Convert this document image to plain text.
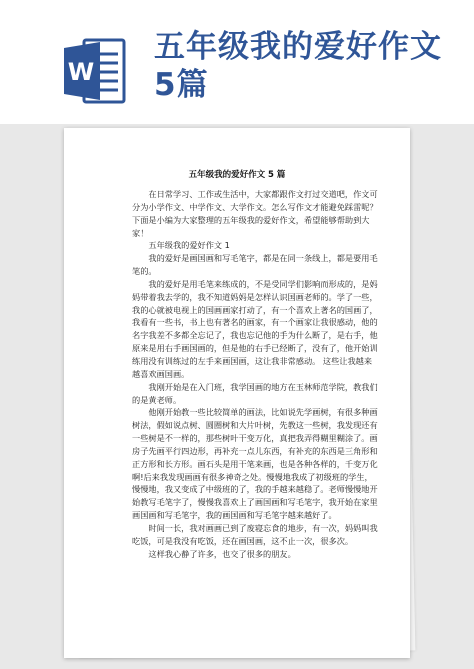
W
五年级我的爱好作文5篇
五年级我的爱好作文 5 篇

在日常学习、工作或生活中，大家都跟作文打过交道吧，作文可分为小学作文、中学作文、大学作文。怎么写作文才能避免踩雷呢？下面是小编为大家整理的五年级我的爱好作文，希望能够帮助到大家！

五年级我的爱好作文 1

我的爱好是画国画和写毛笔字，都是在同一条线上，都是要用毛笔的。

我的爱好是用毛笔来练成的，不是受同学们影响而形成的，是妈妈带着我去学的，我不知道妈妈是怎样认识国画老师的。学了一些，我的心就被电视上的国画画家打动了，有一个喜欢上著名的国画了，我看有一些书，书上也有著名的画家，有一个画家让我很感动，他的名字我差不多都全忘记了，我也忘记他的手为什么断了，是右手，他原来是用右手画国画的，但是他的右手已经断了，没有了，他开始训练用没有训练过的左手来画国画，这让我非常感动。 这些让我越来越喜欢画国画。

我刚开始是在入门班，我学国画的地方在玉林师范学院，教我们的是黄老师。

他刚开始教一些比较简单的画法，比如说先学画树，有很多种画树法，假如说点树、圆圈树和大片叶树，先教这一些树，我发现还有一些树是不一样的，那些树叶干变万化，真把我弄得糊里糊涂了。画房子先画平行四边形，再补充一点儿东西，有补充的东西是三角形和正方形和长方形。画石头是用干笔来画，也是各种各样的，千变万化啊!后来我发现画画有很多神奇之处。慢慢地我成了初级班的学生，慢慢地，我又变成了中级班的了，我的手越来越稳了。老师慢慢地开始教写毛笔字了，慢慢我喜欢上了画国画和写毛笔字，我开始在家里画国画和写毛笔字，我的画国画和写毛笔字越来越好了。

时间一长，我对画画已到了废寝忘食的地步，有一次，妈妈叫我吃饭，可是我没有吃饭，还在画国画，这不止一次，很多次。

这样我心静了许多，也交了很多的朋友。
